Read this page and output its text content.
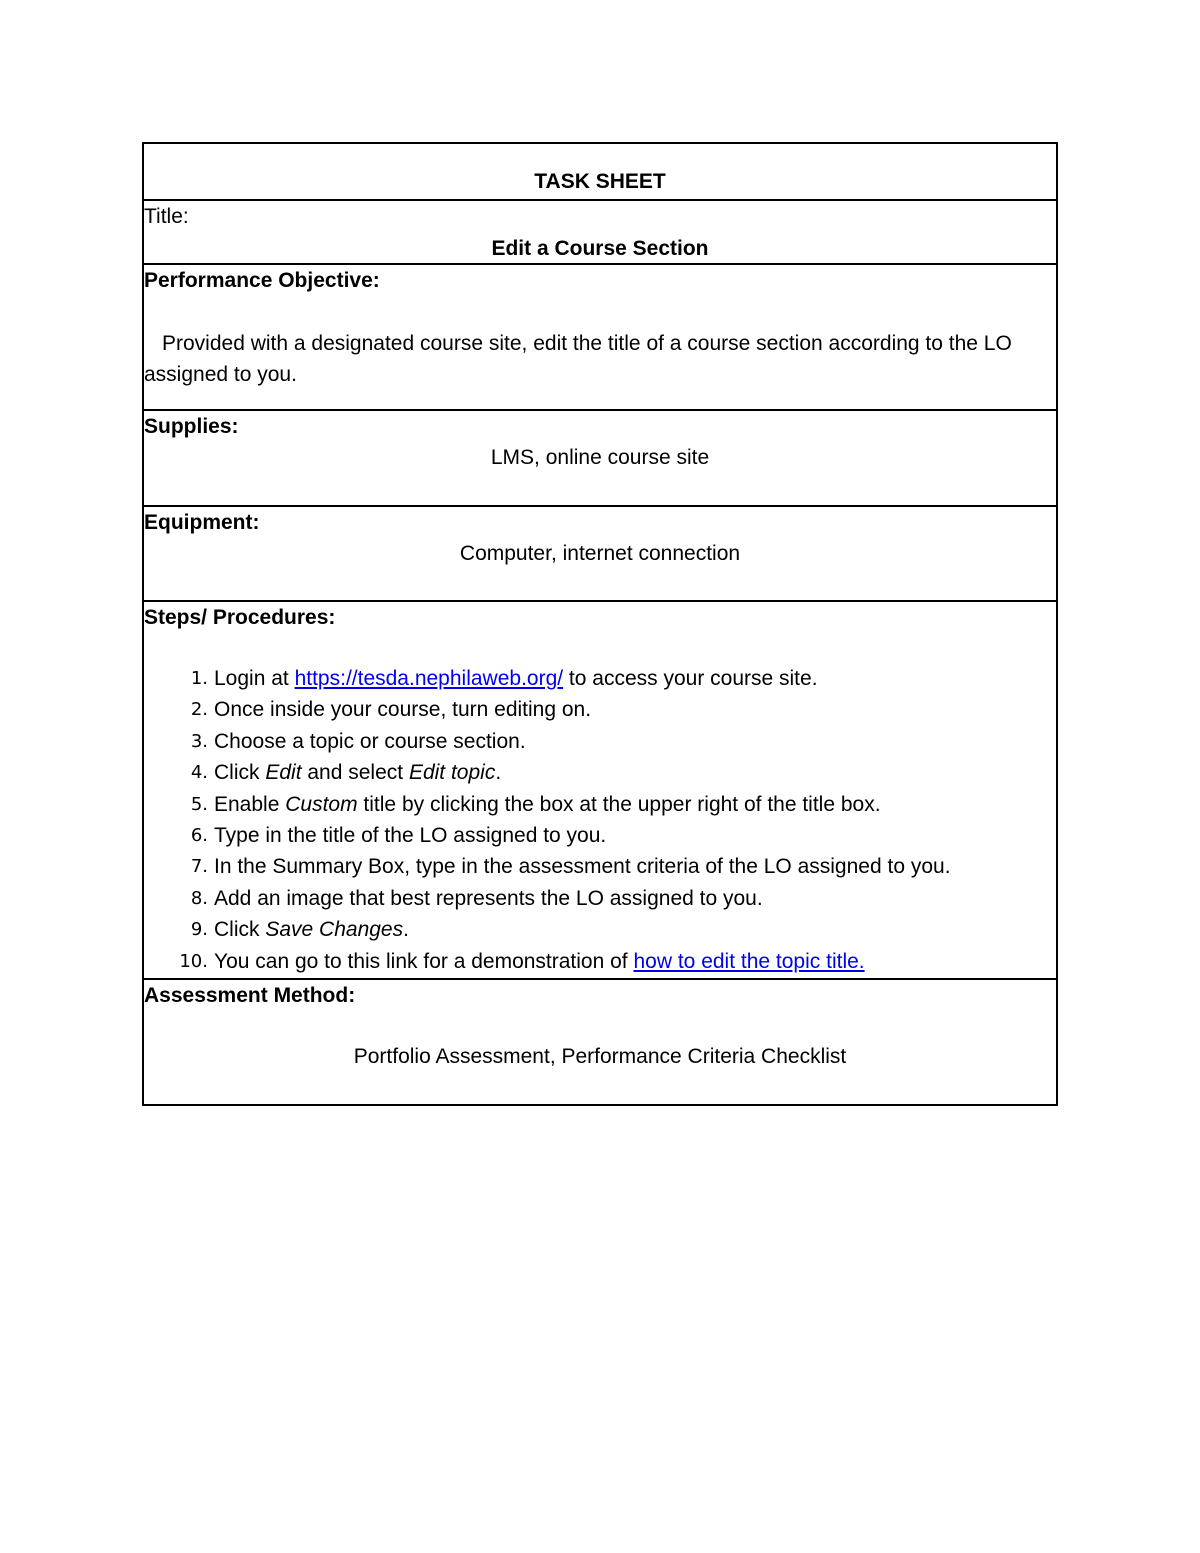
TASK SHEET
Title:
Edit a Course Section
Performance Objective:
Provided with a designated course site, edit the title of a course section according to the LO assigned to you.
Supplies:
LMS, online course site
Equipment:
Computer, internet connection
Steps/ Procedures:
1. Login at https://tesda.nephilaweb.org/ to access your course site.
2. Once inside your course, turn editing on.
3. Choose a topic or course section.
4. Click Edit and select Edit topic.
5. Enable Custom title by clicking the box at the upper right of the title box.
6. Type in the title of the LO assigned to you.
7. In the Summary Box, type in the assessment criteria of the LO assigned to you.
8. Add an image that best represents the LO assigned to you.
9. Click Save Changes.
10. You can go to this link for a demonstration of how to edit the topic title.
Assessment Method:
Portfolio Assessment, Performance Criteria Checklist
